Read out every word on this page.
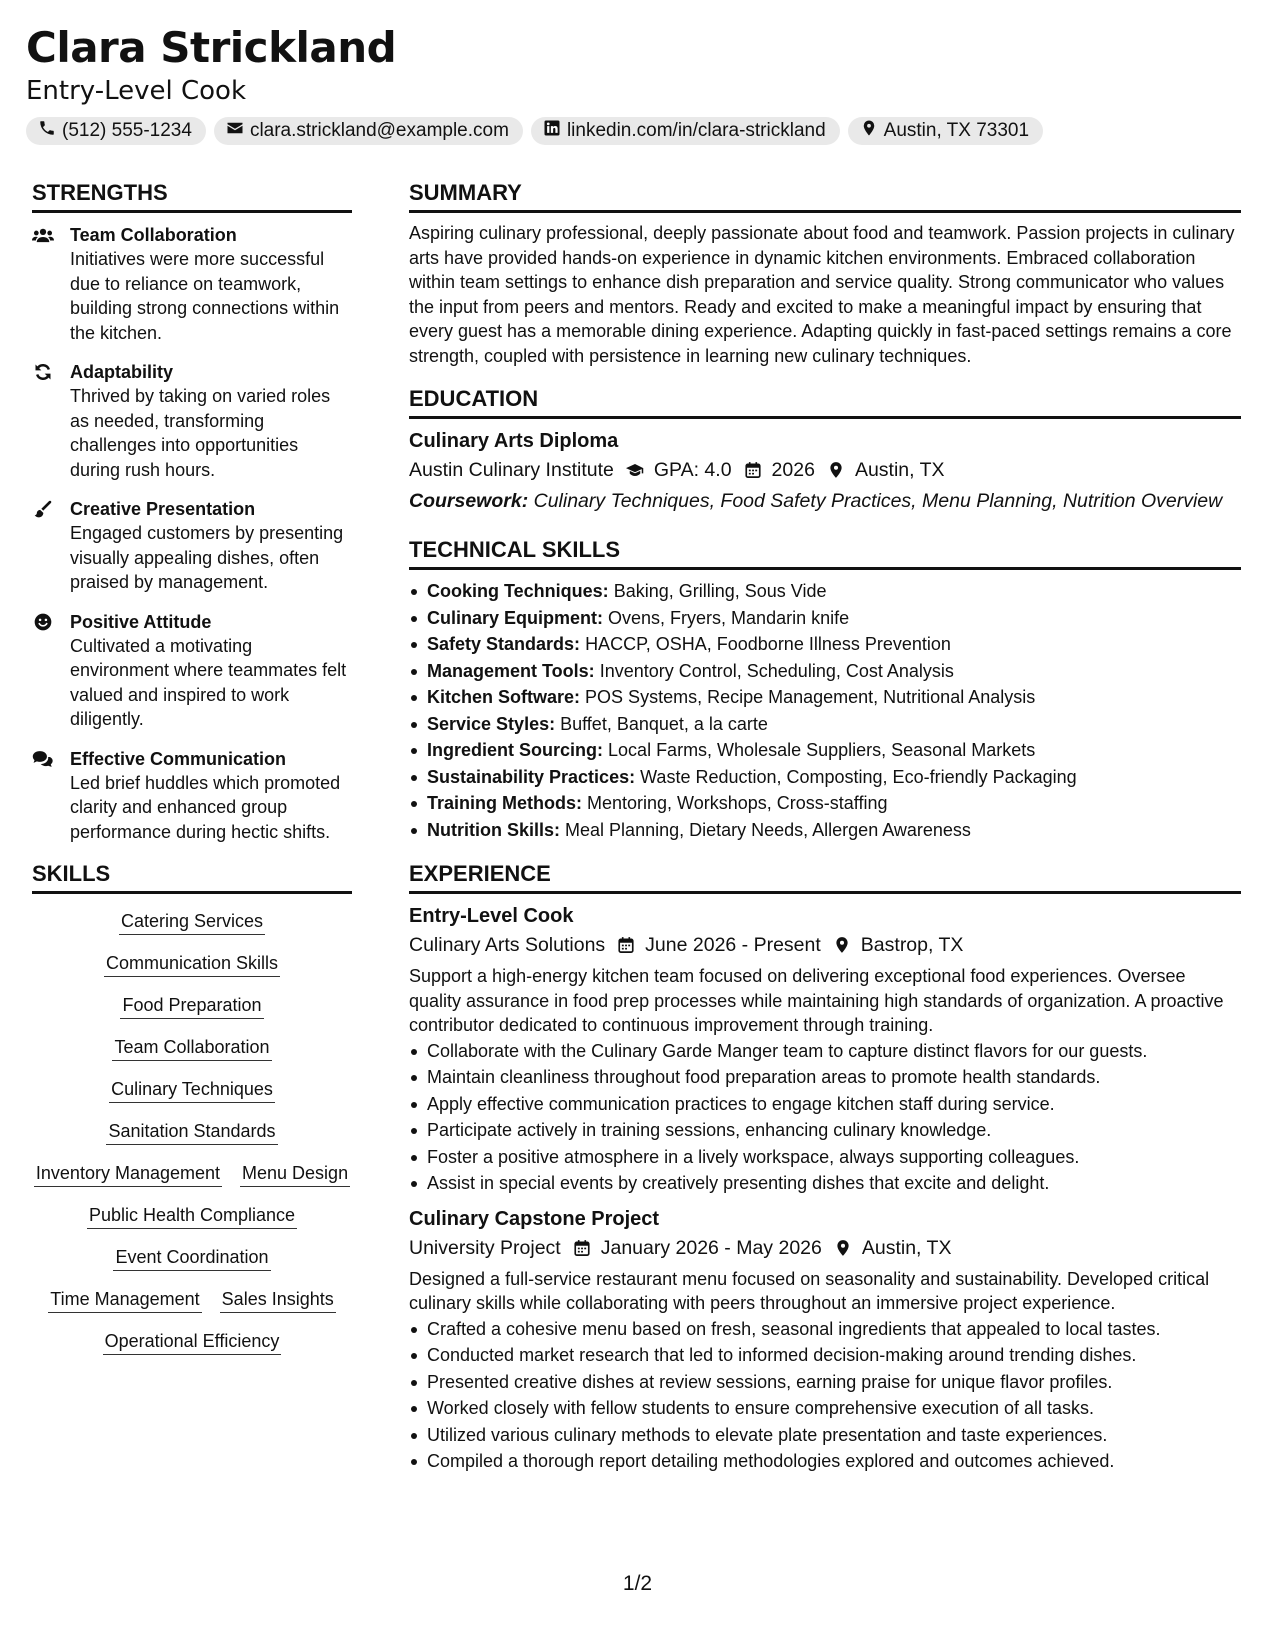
Clara Strickland
Entry-Level Cook
(512) 555-1234	clara.strickland@example.com	linkedin.com/in/clara-strickland	Austin, TX 73301
STRENGTHS
Team Collaboration
Initiatives were more successful due to reliance on teamwork, building strong connections within the kitchen.
Adaptability
Thrived by taking on varied roles as needed, transforming challenges into opportunities during rush hours.
Creative Presentation
Engaged customers by presenting visually appealing dishes, often praised by management.
Positive Attitude
Cultivated a motivating environment where teammates felt valued and inspired to work diligently.
Effective Communication
Led brief huddles which promoted clarity and enhanced group performance during hectic shifts.
SKILLS
Catering Services
Communication Skills
Food Preparation
Team Collaboration
Culinary Techniques
Sanitation Standards
Inventory Management Menu Design
Public Health Compliance
Event Coordination
Time Management Sales Insights
Operational Efficiency
SUMMARY
Aspiring culinary professional, deeply passionate about food and teamwork. Passion projects in culinary arts have provided hands-on experience in dynamic kitchen environments. Embraced collaboration within team settings to enhance dish preparation and service quality. Strong communicator who values the input from peers and mentors. Ready and excited to make a meaningful impact by ensuring that every guest has a memorable dining experience. Adapting quickly in fast-paced settings remains a core strength, coupled with persistence in learning new culinary techniques.
EDUCATION
Culinary Arts Diploma
Austin Culinary Institute GPA: 4.0 2026 Austin, TX
Coursework: Culinary Techniques, Food Safety Practices, Menu Planning, Nutrition Overview
TECHNICAL SKILLS
Cooking Techniques: Baking, Grilling, Sous Vide
Culinary Equipment: Ovens, Fryers, Mandarin knife
Safety Standards: HACCP, OSHA, Foodborne Illness Prevention
Management Tools: Inventory Control, Scheduling, Cost Analysis
Kitchen Software: POS Systems, Recipe Management, Nutritional Analysis
Service Styles: Buffet, Banquet, a la carte
Ingredient Sourcing: Local Farms, Wholesale Suppliers, Seasonal Markets
Sustainability Practices: Waste Reduction, Composting, Eco-friendly Packaging
Training Methods: Mentoring, Workshops, Cross-staffing
Nutrition Skills: Meal Planning, Dietary Needs, Allergen Awareness
EXPERIENCE
Entry-Level Cook
Culinary Arts Solutions June 2026 - Present Bastrop, TX
Support a high-energy kitchen team focused on delivering exceptional food experiences. Oversee quality assurance in food prep processes while maintaining high standards of organization. A proactive contributor dedicated to continuous improvement through training.
Collaborate with the Culinary Garde Manger team to capture distinct flavors for our guests.
Maintain cleanliness throughout food preparation areas to promote health standards.
Apply effective communication practices to engage kitchen staff during service.
Participate actively in training sessions, enhancing culinary knowledge.
Foster a positive atmosphere in a lively workspace, always supporting colleagues.
Assist in special events by creatively presenting dishes that excite and delight.
Culinary Capstone Project
University Project January 2026 - May 2026 Austin, TX
Designed a full-service restaurant menu focused on seasonality and sustainability. Developed critical culinary skills while collaborating with peers throughout an immersive project experience.
Crafted a cohesive menu based on fresh, seasonal ingredients that appealed to local tastes.
Conducted market research that led to informed decision-making around trending dishes.
Presented creative dishes at review sessions, earning praise for unique flavor profiles.
Worked closely with fellow students to ensure comprehensive execution of all tasks.
Utilized various culinary methods to elevate plate presentation and taste experiences.
Compiled a thorough report detailing methodologies explored and outcomes achieved.
1/2
